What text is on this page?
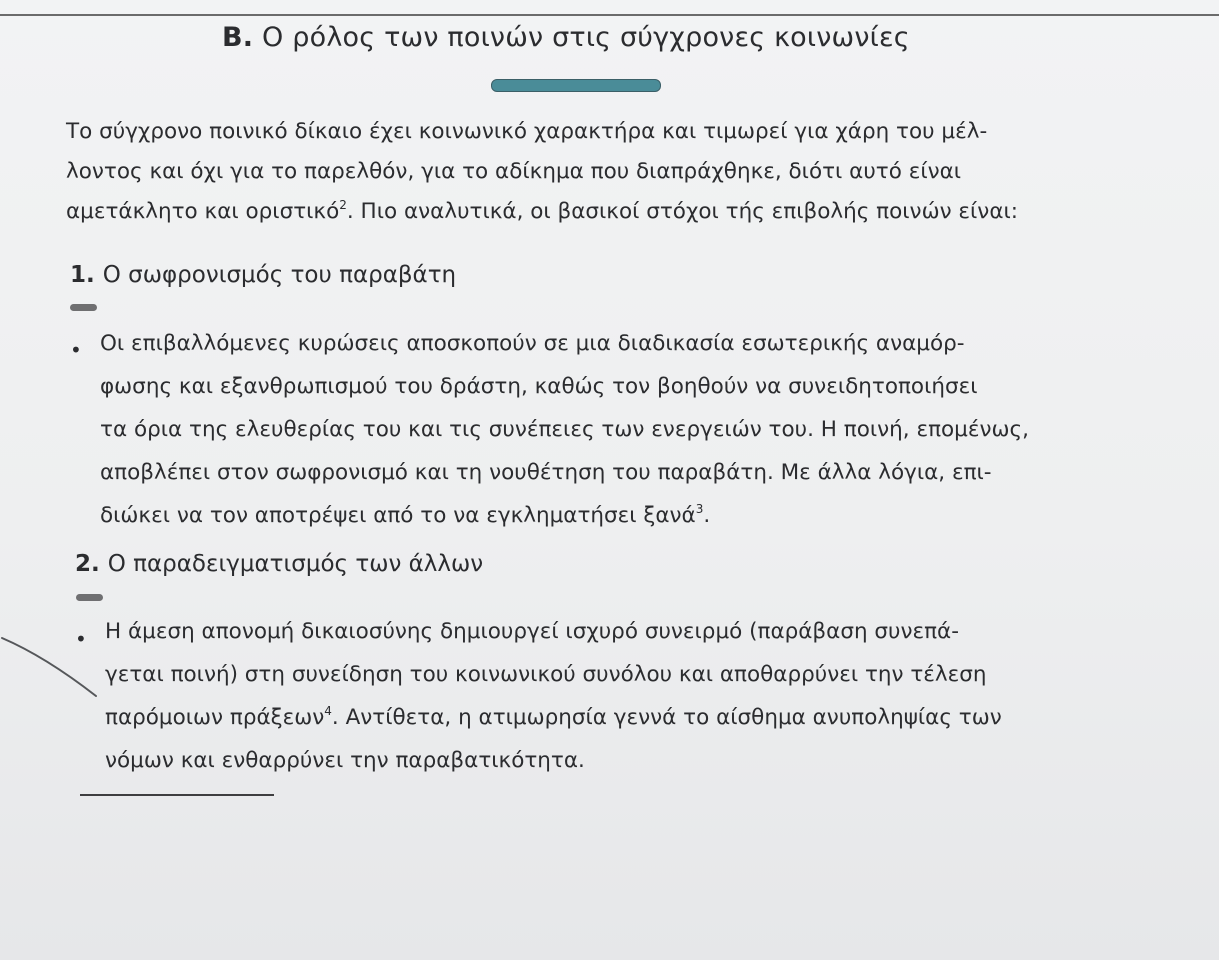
B. Ο ρόλος των ποινών στις σύγχρονες κοινωνίες

Το σύγχρονο ποινικό δίκαιο έχει κοινωνικό χαρακτήρα και τιμωρεί για χάρη του μέλ-
λοντος και όχι για το παρελθόν, για το αδίκημα που διαπράχθηκε, διότι αυτό είναι
αμετάκλητο και οριστικό$^2$. Πιο αναλυτικά, οι βασικοί στόχοι τής επιβολής ποινών είναι:

1. Ο σωφρονισμός του παραβάτη
• Οι επιβαλλόμενες κυρώσεις αποσκοπούν σε μια διαδικασία εσωτερικής αναμόρ-
φωσης και εξανθρωπισμού του δράστη, καθώς τον βοηθούν να συνειδητοποιήσει
τα όρια της ελευθερίας του και τις συνέπειες των ενεργειών του. Η ποινή, επομένως,
αποβλέπει στον σωφρονισμό και τη νουθέτηση του παραβάτη. Με άλλα λόγια, επι-
διώκει να τον αποτρέψει από το να εγκληματήσει ξανά$^3$.
2. Ο παραδειγματισμός των άλλων
• Η άμεση απονομή δικαιοσύνης δημιουργεί ισχυρό συνειρμό (παράβαση συνεπά-
γεται ποινή) στη συνείδηση του κοινωνικού συνόλου και αποθαρρύνει την τέλεση
παρόμοιων πράξεων$^4$. Αντίθετα, η ατιμωρησία γεννά το αίσθημα ανυποληψίας των
νόμων και ενθαρρύνει την παραβατικότητα.
